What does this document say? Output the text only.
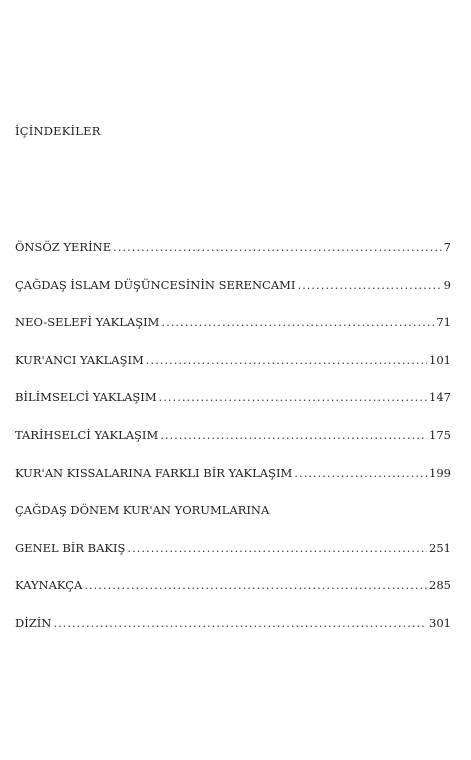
İÇİNDEKİLER
ÖNSÖZ YERİNE .....	7
ÇAĞDAŞ İSLAM DÜŞÜNCESİNİN SERENCAMI .....	9
NEO-SELEFİ YAKLAŞIM .....	71
KUR'ANCI YAKLAŞIM .....	101
BİLİMSELCİ YAKLAŞIM .....	147
TARİHSELCİ YAKLAŞIM .....	175
KUR'AN KISSALARINA FARKLI BİR YAKLAŞIM .....	199
ÇAĞDAŞ DÖNEM KUR'AN YORUMLARINA
GENEL BİR BAKIŞ .....	251
KAYNAKÇA .....	285
DİZİN .....	301
